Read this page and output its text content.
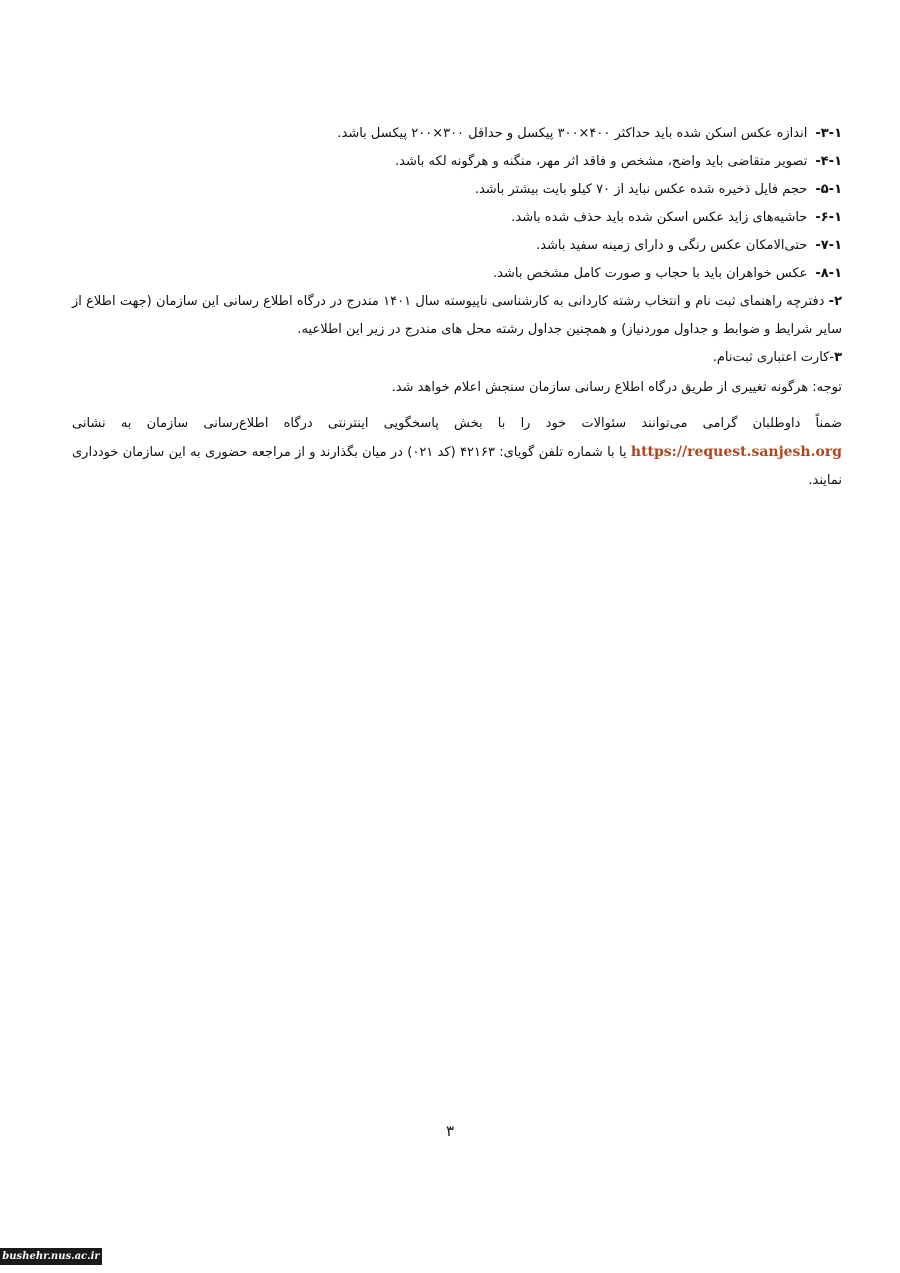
۳-۱-اندازه عکس اسکن شده باید حداکثر ۴۰۰×۳۰۰ پیکسل و حداقل ۳۰۰×۲۰۰ پیکسل باشد.
۴-۱-تصویر متقاضی باید واضح، مشخص و فاقد اثر مهر، منگنه و هرگونه لکه باشد.
۵-۱-حجم فایل ذخیره شده عکس نباید از ۷۰ کیلو بایت بیشتر باشد.
۶-۱-حاشیه‌های زاید عکس اسکن شده باید حذف شده باشد.
۷-۱-حتی‌الامکان عکس رنگی و دارای زمینه سفید باشد.
۸-۱-عکس خواهران باید با حجاب و صورت کامل مشخص باشد.

۲- دفترچه راهنمای ثبت نام و انتخاب رشته کاردانی به کارشناسی ناپیوسته سال ۱۴۰۱ مندرج در درگاه اطلاع رسانی این سازمان (جهت اطلاع از سایر شرایط و ضوابط و جداول موردنیاز) و همچنین جداول رشته محل های مندرج در زیر این اطلاعیه.

۳-کارت اعتباری ثبت‌نام.

توجه: هرگونه تغییری از طریق درگاه اطلاع رسانی سازمان سنجش اعلام خواهد شد.

ضمناً داوطلبان گرامی می‌توانند سئوالات خود را با بخش پاسخگویی اینترنتی درگاه اطلاع‌رسانی سازمان به نشانی https://request.sanjesh.org یا با شماره تلفن گویای: ۴۲۱۶۳ (کد ۰۲۱) در میان بگذارند و از مراجعه حضوری به این سازمان خودداری نمایند.

۳
bushehr.nus.ac.ir
